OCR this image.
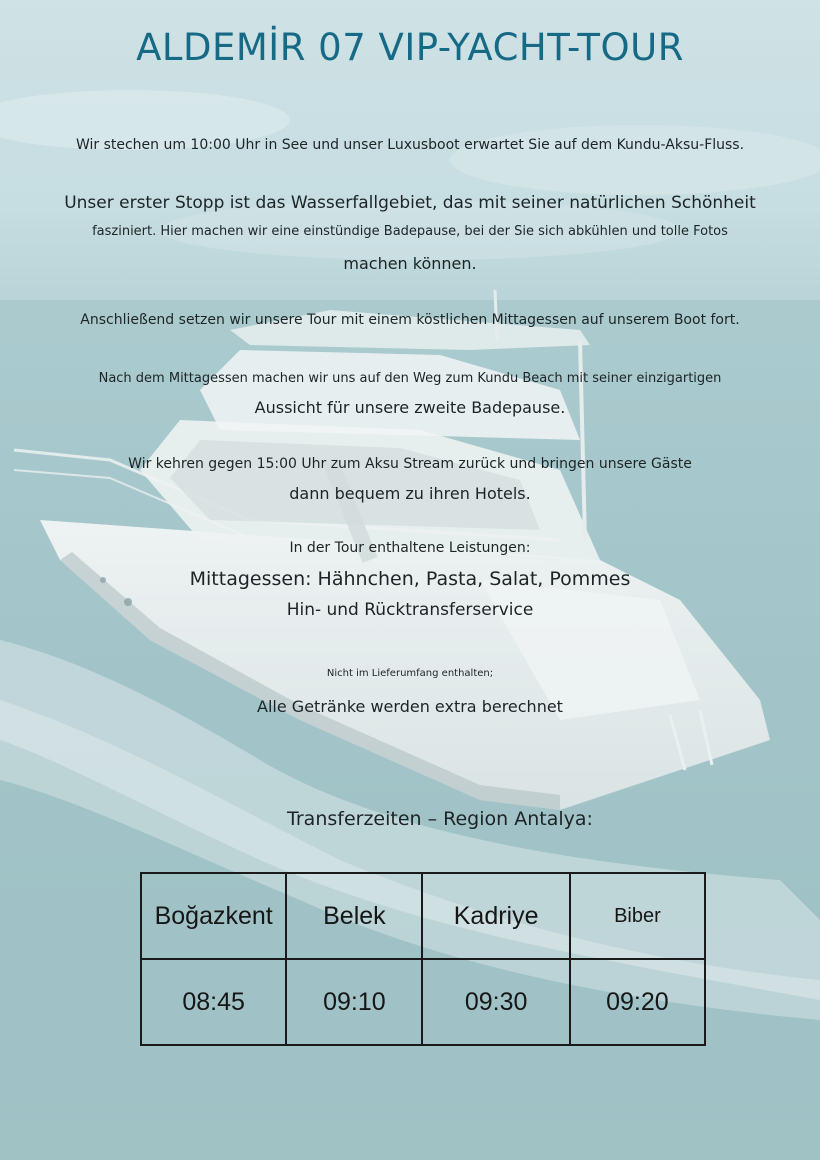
ALDEMİR 07 VIP-YACHT-TOUR
Wir stechen um 10:00 Uhr in See und unser Luxusboot erwartet Sie auf dem Kundu-Aksu-Fluss.
Unser erster Stopp ist das Wasserfallgebiet, das mit seiner natürlichen Schönheit
fasziniert. Hier machen wir eine einstündige Badepause, bei der Sie sich abkühlen und tolle Fotos
machen können.
Anschließend setzen wir unsere Tour mit einem köstlichen Mittagessen auf unserem Boot fort.
Nach dem Mittagessen machen wir uns auf den Weg zum Kundu Beach mit seiner einzigartigen
Aussicht für unsere zweite Badepause.
Wir kehren gegen 15:00 Uhr zum Aksu Stream zurück und bringen unsere Gäste
dann bequem zu ihren Hotels.
In der Tour enthaltene Leistungen:
Mittagessen: Hähnchen, Pasta, Salat, Pommes
Hin- und Rücktransferservice
Nicht im Lieferumfang enthalten;
Alle Getränke werden extra berechnet
Transferzeiten – Region Antalya:
Boğazkent	Belek	Kadriye	Biber
08:45	09:10	09:30	09:20
